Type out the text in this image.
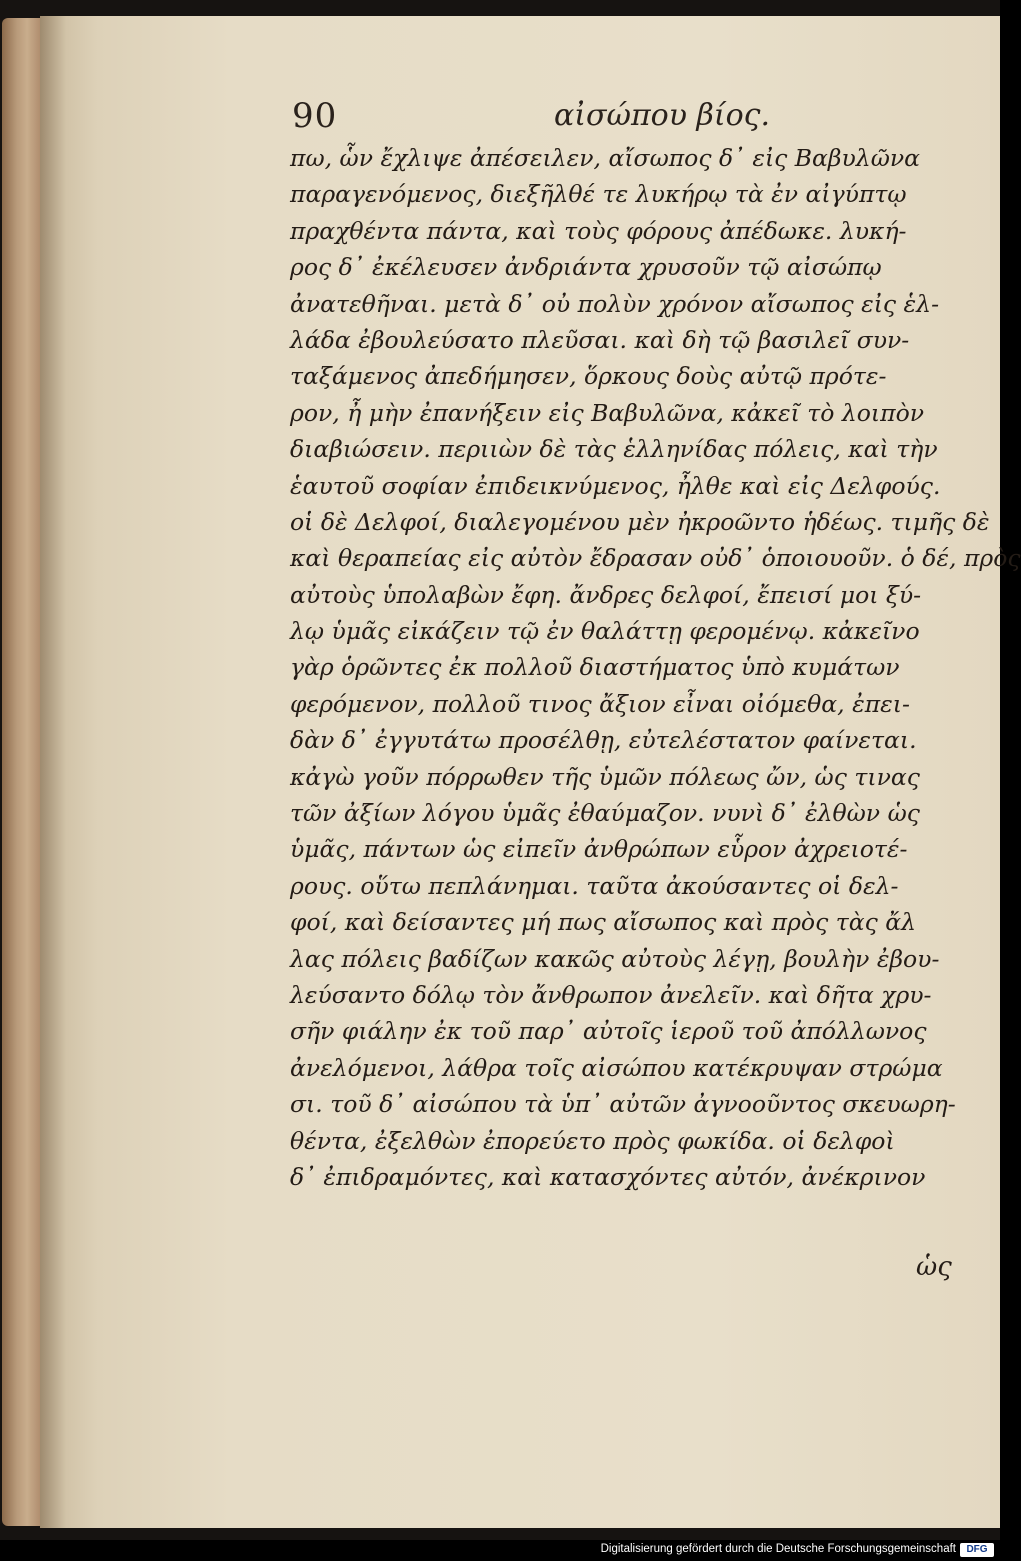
90	αἰσώπου βίος.
πω, ὧν ἔχλιψε ἀπέσειλεν, αἴσωπος δ᾽ εἰς Βαβυλῶνα
παραγενόμενος, διεξῆλθέ τε λυκήρῳ τὰ ἐν αἰγύπτῳ
πραχθέντα πάντα, καὶ τοὺς φόρους ἀπέδωκε. λυκή-
ρος δ᾽ ἐκέλευσεν ἀνδριάντα χρυσοῦν τῷ αἰσώπῳ
ἀνατεθῆναι. μετὰ δ᾽ οὐ πολὺν χρόνον αἴσωπος εἰς ἑλ-
λάδα ἐβουλεύσατο πλεῦσαι. καὶ δὴ τῷ βασιλεῖ συν-
ταξάμενος ἀπεδήμησεν, ὅρκους δοὺς αὐτῷ πρότε-
ρον, ἦ μὴν ἐπανήξειν εἰς Βαβυλῶνα, κἀκεῖ τὸ λοιπὸν
διαβιώσειν. περιιὼν δὲ τὰς ἑλληνίδας πόλεις, καὶ τὴν
ἑαυτοῦ σοφίαν ἐπιδεικνύμενος, ἦλθε καὶ εἰς Δελφούς.
οἱ δὲ Δελφοί, διαλεγομένου μὲν ἠκροῶντο ἡδέως. τιμῆς δὲ
καὶ θεραπείας εἰς αὐτὸν ἔδρασαν οὐδ᾽ ὁποιουοῦν. ὁ δέ, πρὸς
αὐτοὺς ὑπολαβὼν ἔφη. ἄνδρες δελφοί, ἔπεισί μοι ξύ-
λῳ ὑμᾶς εἰκάζειν τῷ ἐν θαλάττῃ φερομένῳ. κἀκεῖνο
γὰρ ὁρῶντες ἐκ πολλοῦ διαστήματος ὑπὸ κυμάτων
φερόμενον, πολλοῦ τινος ἄξιον εἶναι οἰόμεθα, ἐπει-
δὰν δ᾽ ἐγγυτάτω προσέλθῃ, εὐτελέστατον φαίνεται.
κἀγὼ γοῦν πόρρωθεν τῆς ὑμῶν πόλεως ὤν, ὡς τινας
τῶν ἀξίων λόγου ὑμᾶς ἐθαύμαζον. νυνὶ δ᾽ ἐλθὼν ὡς
ὑμᾶς, πάντων ὡς εἰπεῖν ἀνθρώπων εὗρον ἀχρειοτέ-
ρους. οὕτω πεπλάνημαι. ταῦτα ἀκούσαντες οἱ δελ-
φοί, καὶ δείσαντες μή πως αἴσωπος καὶ πρὸς τὰς ἄλ
λας πόλεις βαδίζων κακῶς αὐτοὺς λέγῃ, βουλὴν ἐβου-
λεύσαντο δόλῳ τὸν ἄνθρωπον ἀνελεῖν. καὶ δῆτα χρυ-
σῆν φιάλην ἐκ τοῦ παρ᾽ αὐτοῖς ἱεροῦ τοῦ ἀπόλλωνος
ἀνελόμενοι, λάθρα τοῖς αἰσώπου κατέκρυψαν στρώμα
σι. τοῦ δ᾽ αἰσώπου τὰ ὑπ᾽ αὐτῶν ἀγνοοῦντος σκευωρη-
θέντα, ἐξελθὼν ἐπορεύετο πρὸς φωκίδα. οἱ δελφοὶ
δ᾽ ἐπιδραμόντες, καὶ κατασχόντες αὐτόν, ἀνέκρινον
ὡς
Digitalisierung gefördert durch die Deutsche Forschungsgemeinschaft	DFG
